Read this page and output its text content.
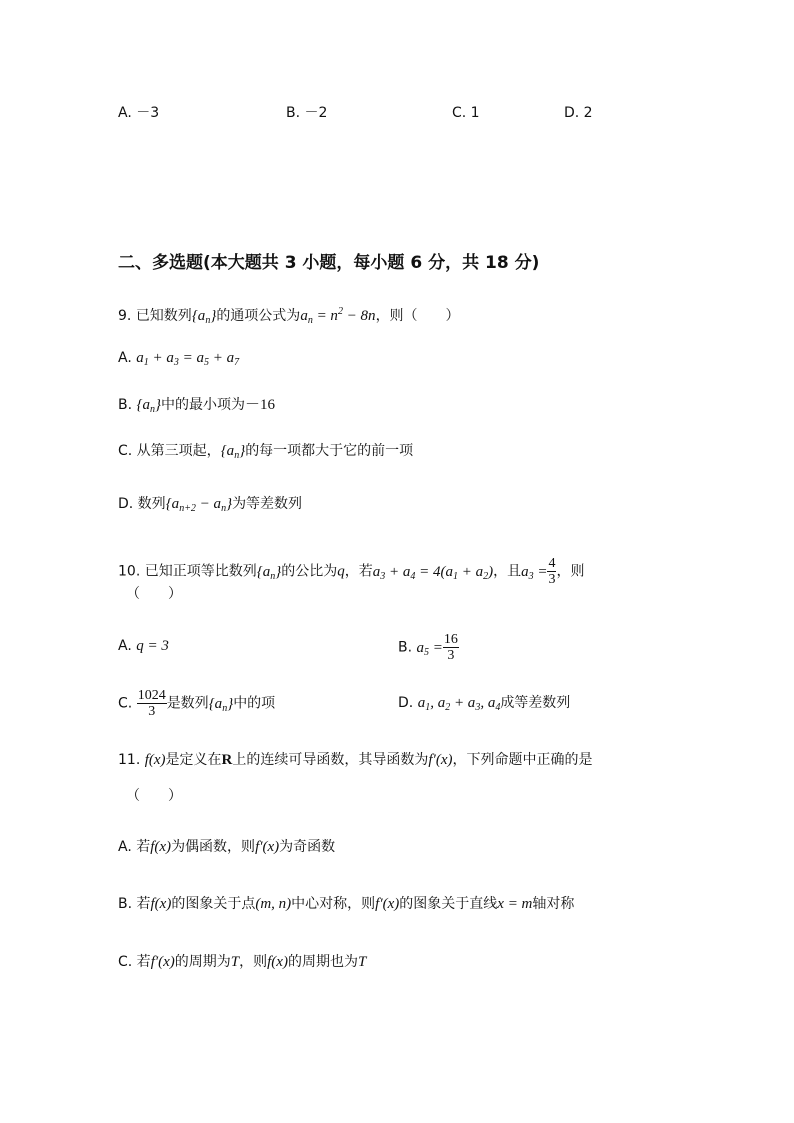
A. －3	B. －2	C. 1	D. 2
二、多选题(本大题共 3 小题，每小题 6 分，共 18 分)
9. 已知数列$\{a_n\}$的通项公式为$a_n = n^2 - 8n$，则（　　）
A. $a_1 + a_3 = a_5 + a_7$
B. $\{a_n\}$中的最小项为－16
C. 从第三项起，$\{a_n\}$的每一项都大于它的前一项
D. 数列$\{a_{n+2} - a_n\}$为等差数列
10. 已知正项等比数列$\{a_n\}$的公比为q，若$a_3 + a_4 = 4(a_1 + a_2)$，且$a_3 = \frac{4}{3}$ ，则
（　　）
A. q = 3	B. $a_5 = \frac{16}{3}$
C. $\frac{1024}{3}$ 是数列$\{a_n\}$中的项	D. $a_1$, $a_2 + a_3$, $a_4$成等差数列
11. f(x)是定义在R上的连续可导函数，其导函数为f′(x)，下列命题中正确的是
（　　）
A. 若f(x)为偶函数，则f′(x)为奇函数
B. 若f(x)的图象关于点(m, n)中心对称，则f′(x)的图象关于直线x = m轴对称
C. 若f′(x)的周期为T，则f(x)的周期也为T
